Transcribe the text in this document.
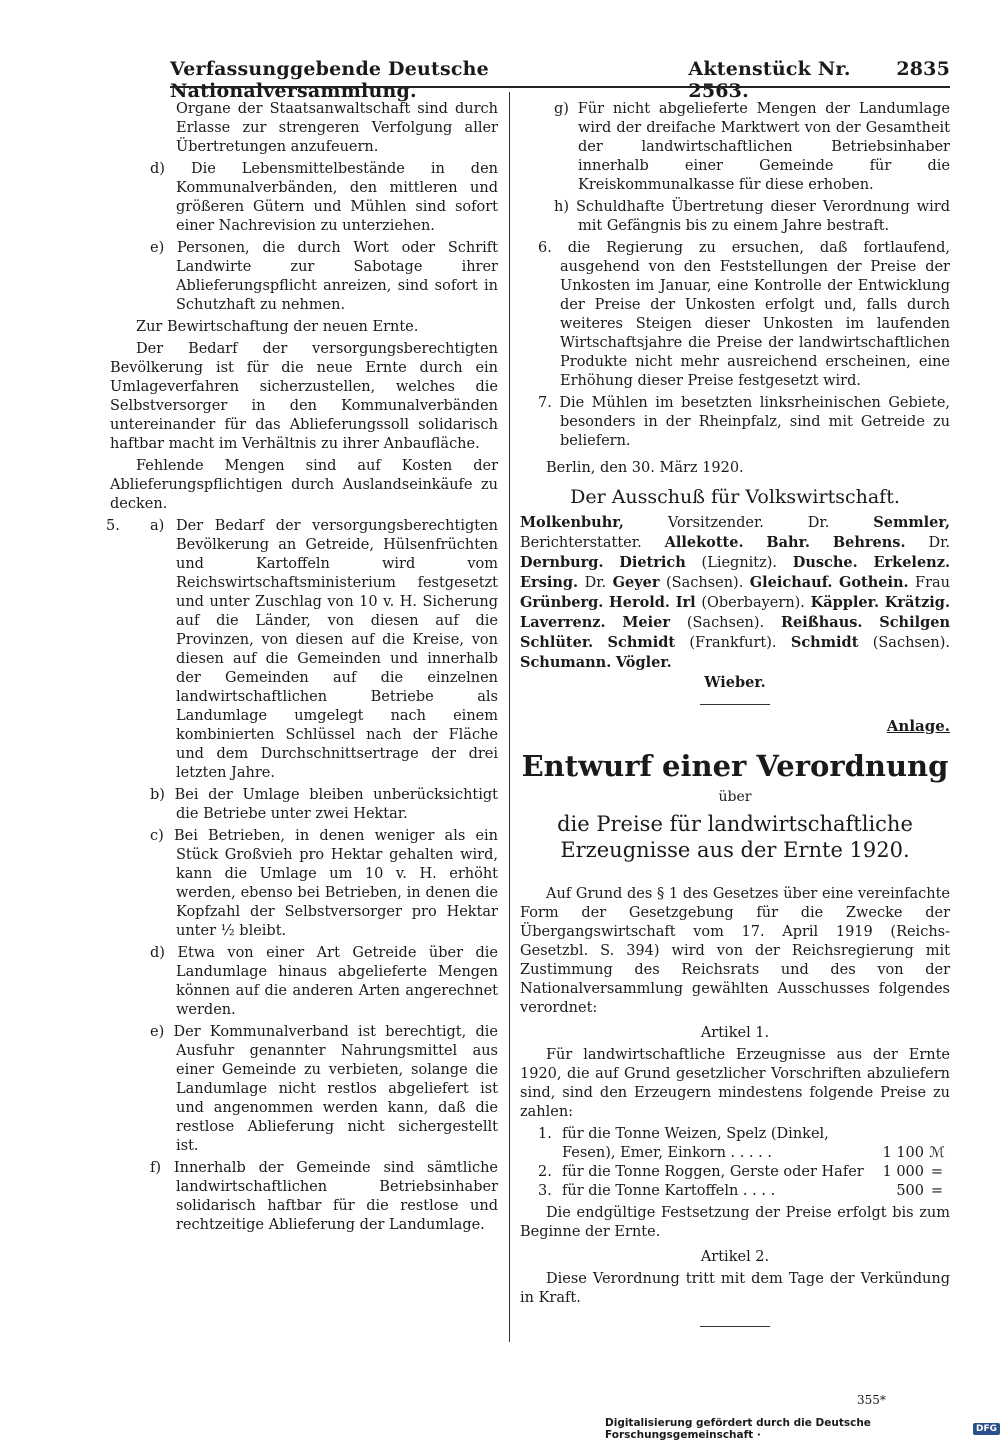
Verfassunggebende Deutsche Nationalversammlung.
Aktenstück Nr. 2563.
2835

Organe der Staatsanwaltschaft sind durch Erlasse zur strengeren Verfolgung aller Übertretungen anzufeuern.

d) Die Lebensmittelbestände in den Kommunalverbänden, den mittleren und größeren Gütern und Mühlen sind sofort einer Nachrevision zu unterziehen.

e) Personen, die durch Wort oder Schrift Landwirte zur Sabotage ihrer Ablieferungspflicht anreizen, sind sofort in Schutzhaft zu nehmen.

Zur Bewirtschaftung der neuen Ernte.

Der Bedarf der versorgungsberechtigten Bevölkerung ist für die neue Ernte durch ein Umlageverfahren sicherzustellen, welches die Selbstversorger in den Kommunalverbänden untereinander für das Ablieferungssoll solidarisch haftbar macht im Verhältnis zu ihrer Anbaufläche.

Fehlende Mengen sind auf Kosten der Ablieferungspflichtigen durch Auslandseinkäufe zu decken.

5. a) Der Bedarf der versorgungsberechtigten Bevölkerung an Getreide, Hülsenfrüchten und Kartoffeln wird vom Reichswirtschaftsministerium festgesetzt und unter Zuschlag von 10 v. H. Sicherung auf die Länder, von diesen auf die Provinzen, von diesen auf die Kreise, von diesen auf die Gemeinden und innerhalb der Gemeinden auf die einzelnen landwirtschaftlichen Betriebe als Landumlage umgelegt nach einem kombinierten Schlüssel nach der Fläche und dem Durchschnittsertrage der drei letzten Jahre.

b) Bei der Umlage bleiben unberücksichtigt die Betriebe unter zwei Hektar.

c) Bei Betrieben, in denen weniger als ein Stück Großvieh pro Hektar gehalten wird, kann die Umlage um 10 v. H. erhöht werden, ebenso bei Betrieben, in denen die Kopfzahl der Selbstversorger pro Hektar unter ½ bleibt.

d) Etwa von einer Art Getreide über die Landumlage hinaus abgelieferte Mengen können auf die anderen Arten angerechnet werden.

e) Der Kommunalverband ist berechtigt, die Ausfuhr genannter Nahrungsmittel aus einer Gemeinde zu verbieten, solange die Landumlage nicht restlos abgeliefert ist und angenommen werden kann, daß die restlose Ablieferung nicht sichergestellt ist.

f) Innerhalb der Gemeinde sind sämtliche landwirtschaftlichen Betriebsinhaber solidarisch haftbar für die restlose und rechtzeitige Ablieferung der Landumlage.

g) Für nicht abgelieferte Mengen der Landumlage wird der dreifache Marktwert von der Gesamtheit der landwirtschaftlichen Betriebsinhaber innerhalb einer Gemeinde für die Kreiskommunalkasse für diese erhoben.

h) Schuldhafte Übertretung dieser Verordnung wird mit Gefängnis bis zu einem Jahre bestraft.

6. die Regierung zu ersuchen, daß fortlaufend, ausgehend von den Feststellungen der Preise der Unkosten im Januar, eine Kontrolle der Entwicklung der Preise der Unkosten erfolgt und, falls durch weiteres Steigen dieser Unkosten im laufenden Wirtschaftsjahre die Preise der landwirtschaftlichen Produkte nicht mehr ausreichend erscheinen, eine Erhöhung dieser Preise festgesetzt wird.

7. Die Mühlen im besetzten linksrheinischen Gebiete, besonders in der Rheinpfalz, sind mit Getreide zu beliefern.

Berlin, den 30. März 1920.

Der Ausschuß für Volkswirtschaft.
Molkenbuhr,	Vorsitzender.	Dr.	Semmler, Berichterstatter. Allekotte. Bahr. Behrens. Dr. Dernburg. Dietrich (Liegnitz). Dusche. Erkelenz. Ersing. Dr. Geyer (Sachsen). Gleichauf. Gothein. Frau Grünberg. Herold. Irl (Oberbayern). Käppler. Krätzig. Laverrenz. Meier (Sachsen). Reißhaus. Schilgen Schlüter. Schmidt (Frankfurt). Schmidt (Sachsen). Schumann. Vögler.
Wieber.
Anlage.
Entwurf einer Verordnung
über
die Preise für landwirtschaftliche Erzeugnisse aus der Ernte 1920.

Auf Grund des § 1 des Gesetzes über eine vereinfachte Form der Gesetzgebung für die Zwecke der Übergangswirtschaft vom 17. April 1919 (Reichs-Gesetzbl. S. 394) wird von der Reichsregierung mit Zustimmung des Reichsrats und des von der Nationalversammlung gewählten Ausschusses folgendes verordnet:

Artikel 1.

Für landwirtschaftliche Erzeugnisse aus der Ernte 1920, die auf Grund gesetzlicher Vorschriften abzuliefern sind, sind den Erzeugern mindestens folgende Preise zu zahlen:

1. für die Tonne Weizen, Spelz (Dinkel,
Fesen), Emer, Einkorn . . . . .	1 100 ℳ
2. für die Tonne Roggen, Gerste oder Hafer	1 000 =
3. für die Tonne Kartoffeln . . . .	500 =

Die endgültige Festsetzung der Preise erfolgt bis zum Beginne der Ernte.

Artikel 2.

Diese Verordnung tritt mit dem Tage der Verkündung in Kraft.

355*
Digitalisierung gefördert durch die Deutsche Forschungsgemeinschaft ·	DFG
